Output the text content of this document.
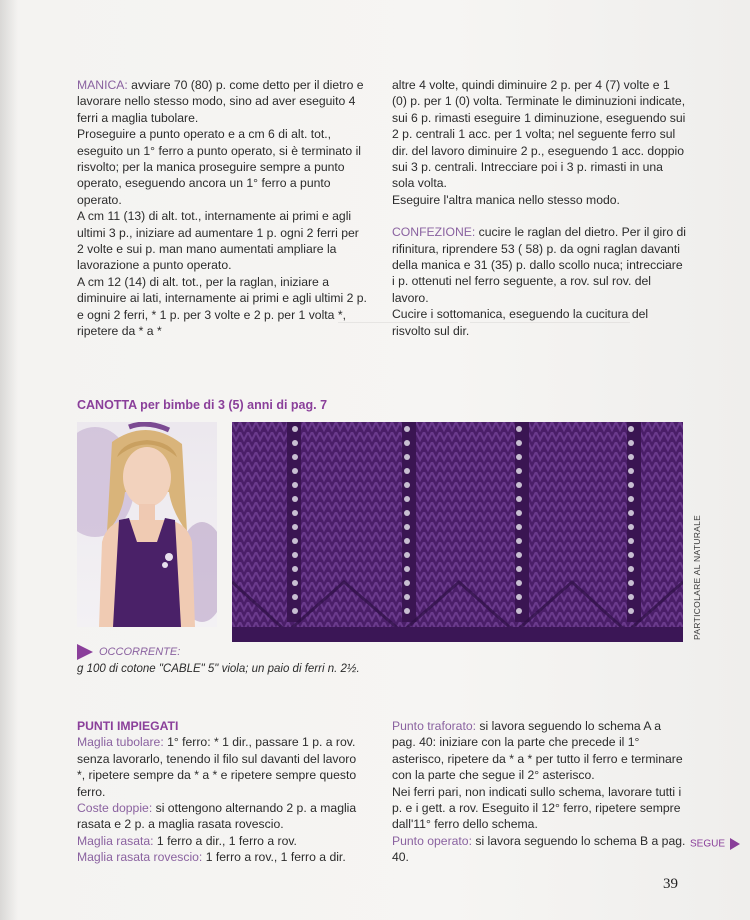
MANICA: avviare 70 (80) p. come detto per il dietro e lavorare nello stesso modo, sino ad aver eseguito 4 ferri a maglia tubolare.

Proseguire a punto operato e a cm 6 di alt. tot., eseguito un 1° ferro a punto operato, si è terminato il risvolto; per la manica proseguire sempre a punto operato, eseguendo ancora un 1° ferro a punto operato.

A cm 11 (13) di alt. tot., internamente ai primi e agli ultimi 3 p., iniziare ad aumentare 1 p. ogni 2 ferri per 2 volte e sui p. man mano aumentati ampliare la lavorazione a punto operato.

A cm 12 (14) di alt. tot., per la raglan, iniziare a diminuire ai lati, internamente ai primi e agli ultimi 2 p. e ogni 2 ferri, * 1 p. per 3 volte e 2 p. per 1 volta *, ripetere da * a *

altre 4 volte, quindi diminuire 2 p. per 4 (7) volte e 1 (0) p. per 1 (0) volta. Terminate le diminuzioni indicate, sui 6 p. rimasti eseguire 1 diminuzione, eseguendo sui 2 p. centrali 1 acc. per 1 volta; nel seguente ferro sul dir. del lavoro diminuire 2 p., eseguendo 1 acc. doppio sui 3 p. centrali. Intrecciare poi i 3 p. rimasti in una sola volta.

Eseguire l'altra manica nello stesso modo.

CONFEZIONE: cucire le raglan del dietro. Per il giro di rifinitura, riprendere 53 ( 58) p. da ogni raglan davanti della manica e 31 (35) p. dallo scollo nuca; intrecciare i p. ottenuti nel ferro seguente, a rov. sul rov. del lavoro.

Cucire i sottomanica, eseguendo la cucitura del risvolto sul dir.

CANOTTA per bimbe di 3 (5) anni di pag. 7
PARTICOLARE AL NATURALE
OCCORRENTE:
g 100 di cotone "CABLE" 5" viola; un paio di ferri n. 2½.

PUNTI IMPIEGATI

Maglia tubolare: 1° ferro: * 1 dir., passare 1 p. a rov. senza lavorarlo, tenendo il filo sul davanti del lavoro *, ripetere sempre da * a * e ripetere sempre questo ferro.

Coste doppie: si ottengono alternando 2 p. a maglia rasata e 2 p. a maglia rasata rovescio.

Maglia rasata: 1 ferro a dir., 1 ferro a rov.

Maglia rasata rovescio: 1 ferro a rov., 1 ferro a dir.

Punto traforato: si lavora seguendo lo schema A a pag. 40: iniziare con la parte che precede il 1° asterisco, ripetere da * a * per tutto il ferro e terminare con la parte che segue il 2° asterisco.

Nei ferri pari, non indicati sullo schema, lavorare tutti i p. e i gett. a rov. Eseguito il 12° ferro, ripetere sempre dall'11° ferro dello schema.

Punto operato: si lavora seguendo lo schema B a pag. 40.

SEGUE
39
